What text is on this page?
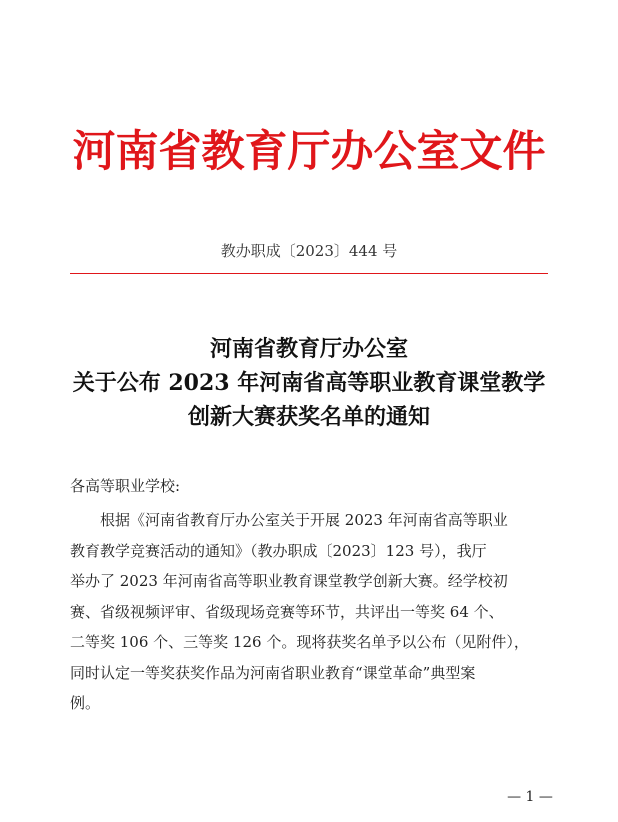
河南省教育厅办公室文件
教办职成〔2023〕444 号
河南省教育厅办公室
关于公布 2023 年河南省高等职业教育课堂教学
创新大赛获奖名单的通知
各高等职业学校:
根据《河南省教育厅办公室关于开展 2023 年河南省高等职业
教育教学竞赛活动的通知》（教办职成〔2023〕123 号），我厅
举办了 2023 年河南省高等职业教育课堂教学创新大赛。经学校初
赛、省级视频评审、省级现场竞赛等环节，共评出一等奖 64 个、
二等奖 106 个、三等奖 126 个。现将获奖名单予以公布（见附件），
同时认定一等奖获奖作品为河南省职业教育“课堂革命”典型案
例。
— 1 —
